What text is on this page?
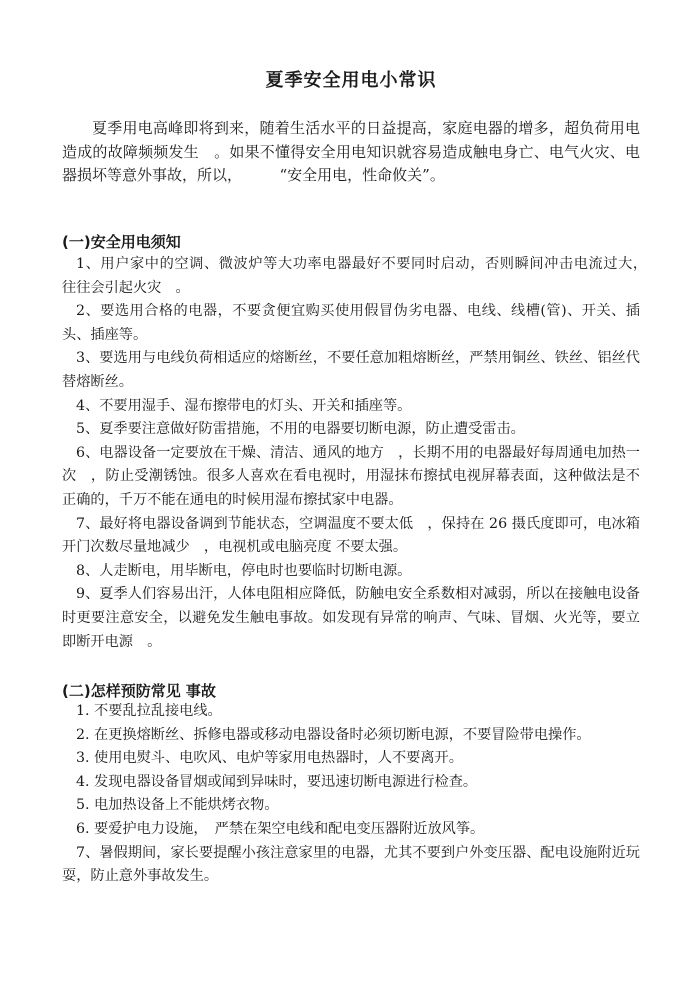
夏季安全用电小常识

夏季用电高峰即将到来，随着生活水平的日益提高，家庭电器的增多，超负荷用电造成的故障频频发生　。如果不懂得安全用电知识就容易造成触电身亡、电气火灾、电器损坏等意外事故，所以，　　　“安全用电，性命攸关”。

(一)安全用电须知

1、用户家中的空调、微波炉等大功率电器最好不要同时启动，否则瞬间冲击电流过大，　往往会引起火灾　。

2、要选用合格的电器，不要贪便宜购买使用假冒伪劣电器、电线、线槽(管)、开关、插头、插座等。

3、要选用与电线负荷相适应的熔断丝，不要任意加粗熔断丝，严禁用铜丝、铁丝、铝丝代替熔断丝。

4、不要用湿手、湿布擦带电的灯头、开关和插座等。

5、夏季要注意做好防雷措施，不用的电器要切断电源，防止遭受雷击。

6、电器设备一定要放在干燥、清洁、通风的地方　，长期不用的电器最好每周通电加热一次　，防止受潮锈蚀。很多人喜欢在看电视时，用湿抹布擦拭电视屏幕表面，这种做法是不正确的，千万不能在通电的时候用湿布擦拭家中电器。

7、最好将电器设备调到节能状态，空调温度不要太低　，保持在 26 摄氏度即可，电冰箱开门次数尽量地减少　，电视机或电脑亮度 不要太强。

8、人走断电，用毕断电，停电时也要临时切断电源。

9、夏季人们容易出汗，人体电阻相应降低，防触电安全系数相对减弱，所以在接触电设备时更要注意安全，以避免发生触电事故。如发现有异常的响声、气味、冒烟、火光等，要立即断开电源　。

(二)怎样预防常见 事故

1. 不要乱拉乱接电线。

2. 在更换熔断丝、拆修电器或移动电器设备时必须切断电源，不要冒险带电操作。

3. 使用电熨斗、电吹风、电炉等家用电热器时，人不要离开。

4. 发现电器设备冒烟或闻到异味时，要迅速切断电源进行检查。

5. 电加热设备上不能烘烤衣物。

6. 要爱护电力设施，　严禁在架空电线和配电变压器附近放风筝。

7、暑假期间，家长要提醒小孩注意家里的电器，尤其不要到户外变压器、配电设施附近玩耍，防止意外事故发生。
